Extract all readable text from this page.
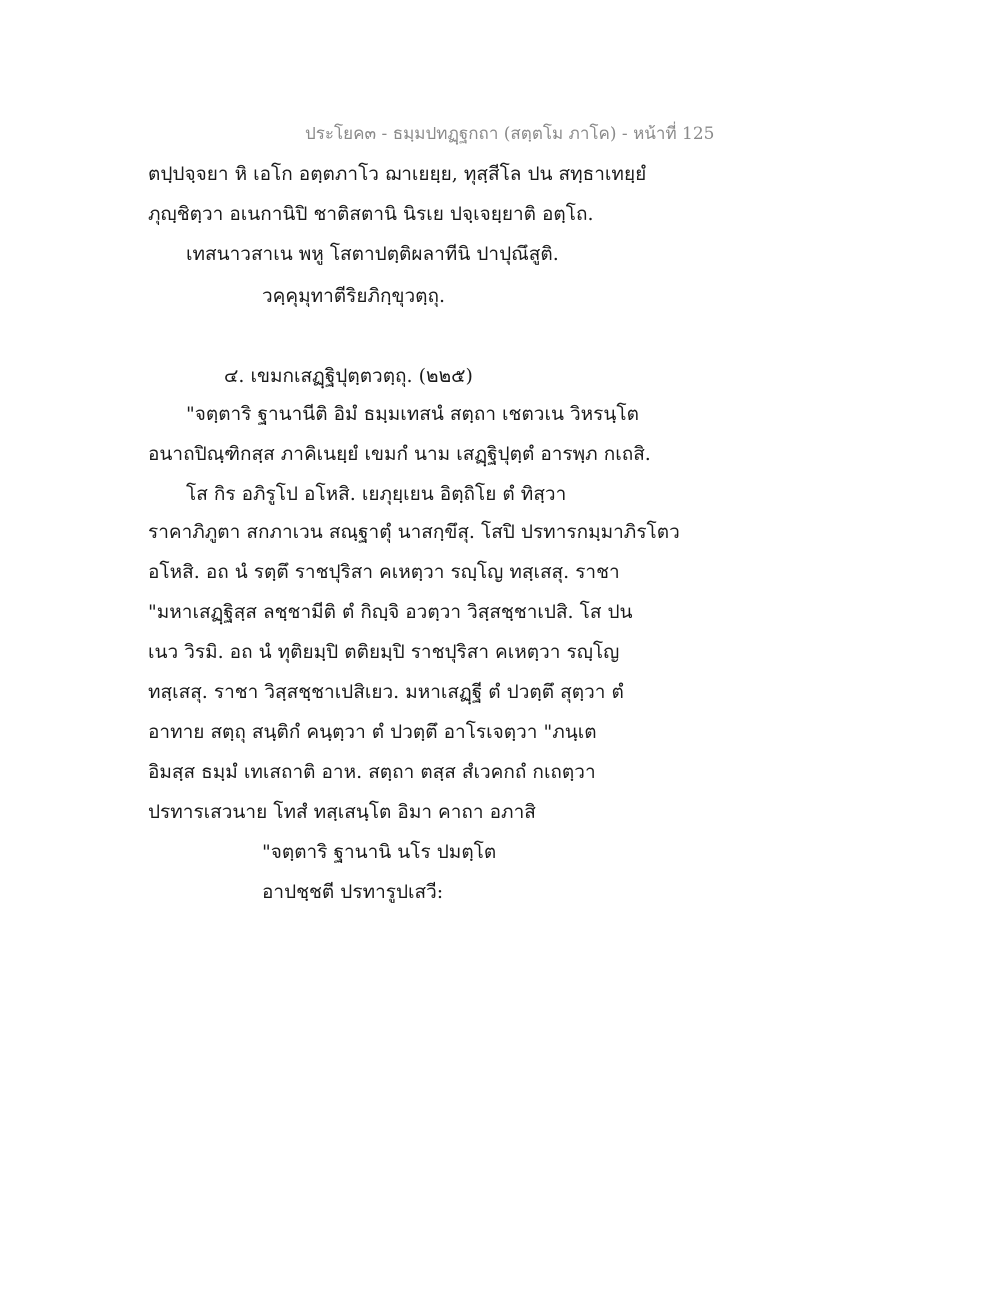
ประโยค๓ - ธมฺมปทฏฺฐกถา (สตฺตโม ภาโค) - หน้าที่ 125
ตปฺปจฺจยา หิ เอโก อตฺตภาโว ฌาเยยฺย, ทุสฺสีโล ปน สทฺธาเทยฺยํ
ภุญฺชิตฺวา อเนกานิปิ ชาติสตานิ นิรเย ปจฺเจยฺยาติ อตฺโถ.
เทสนาวสาเน พหู โสตาปตฺติผลาทีนิ ปาปุณึสูติ.
วคฺคุมุทาตีริยภิกฺขุวตฺถุ.
๔. เขมกเสฏฺฐิปุตฺตวตฺถุ. (๒๒๕)
"จตฺตาริ ฐานานีติ อิมํ ธมฺมเทสนํ สตฺถา เชตวเน วิหรนฺโต
อนาถปิณฺฑิกสฺส ภาคิเนยฺยํ เขมกํ นาม เสฏฺฐิปุตฺตํ อารพฺภ กเถสิ.
โส กิร อภิรูโป อโหสิ. เยภุยฺเยน อิตฺถิโย ตํ ทิสฺวา
ราคาภิภูตา สกภาเวน สณฺฐาตุํ นาสกฺขึสุ. โสปิ ปรทารกมฺมาภิรโตว
อโหสิ. อถ นํ รตฺตึ ราชปุริสา คเหตฺวา รญฺโญ ทสฺเสสุ. ราชา
"มหาเสฏฺฐิสฺส ลชฺชามีติ ตํ กิญฺจิ อวตฺวา วิสฺสชฺชาเปสิ. โส ปน
เนว วิรมิ. อถ นํ ทุติยมฺปิ ตติยมฺปิ ราชปุริสา คเหตฺวา รญฺโญ
ทสฺเสสุ. ราชา วิสฺสชฺชาเปสิเยว. มหาเสฏฺฐี ตํ ปวตฺตึ สุตฺวา ตํ
อาทาย สตฺถุ สนฺติกํ คนฺตฺวา ตํ ปวตฺตึ อาโรเจตฺวา "ภนฺเต
อิมสฺส ธมฺมํ เทเสถาติ อาห. สตฺถา ตสฺส สํเวคกถํ กเถตฺวา
ปรทารเสวนาย โทสํ ทสฺเสนฺโต อิมา คาถา อภาสิ
"จตฺตาริ ฐานานิ นโร ปมตฺโต
อาปชฺชตี ปรทารูปเสวี:
